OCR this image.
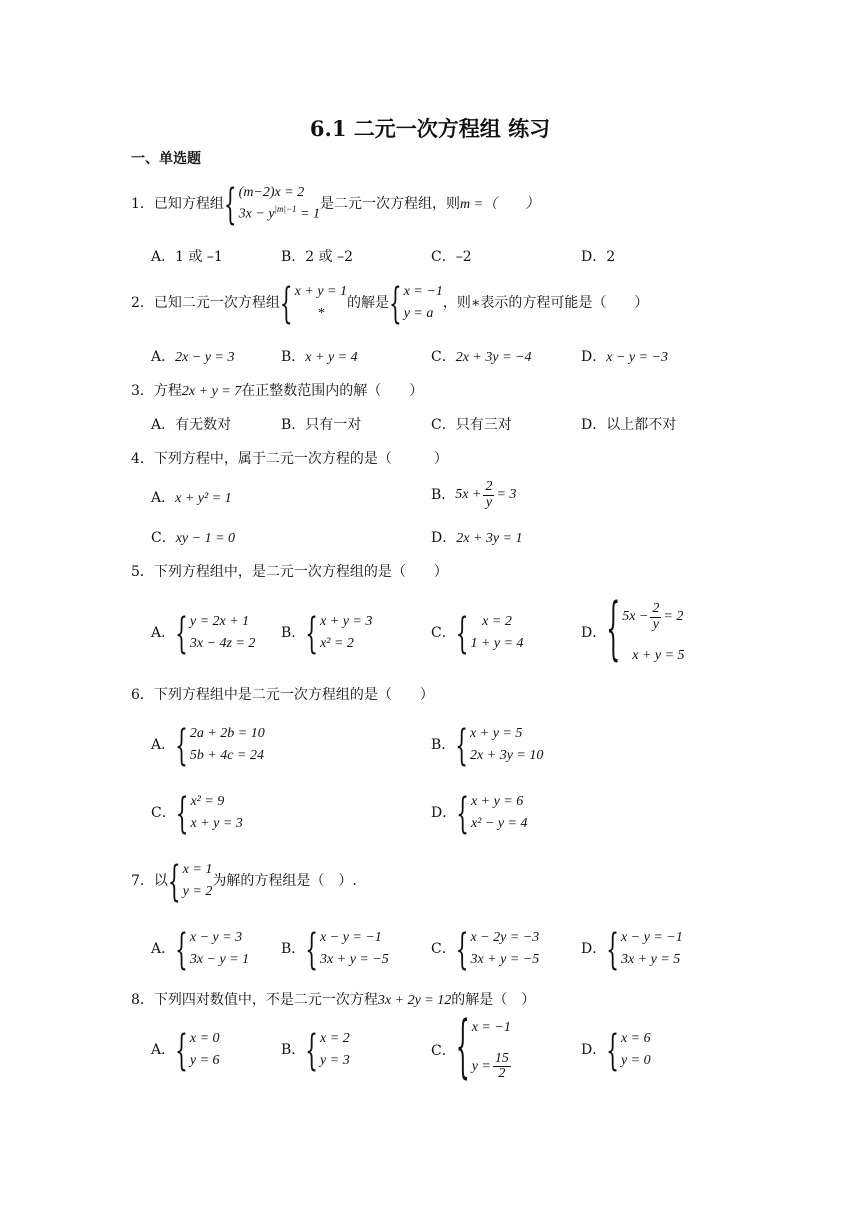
6.1 二元一次方程组 练习
一、单选题
1．已知方程组 { (m−2)x = 2
$3x - y^{|m|-1} = 1$
是二元一次方程组，则m =（　　）
A．1 或 –1	B．2 或 –2	C．–2	D．2
2．已知二元一次方程组 { x + y = 1
*
的解是 { x = −1
y = a
，则∗表示的方程可能是（　　）
A．2x − y = 3	B．x + y = 4	C．2x + 3y = −4	D．x − y = −3
3．方程2x + y = 7在正整数范围内的解（　　）
A．有无数对	B．只有一对	C．只有三对	D．以上都不对
4．下列方程中，属于二元一次方程的是（　　　）
A．x + y² = 1	B． $5x + \frac{2}{y} = 3$
C．xy − 1 = 0	D．2x + 3y = 1
5．下列方程组中，是二元一次方程组的是（　　）
A． { y = 2x + 1
3x − 4z = 2
B． { x + y = 3
x² = 2
C． { x = 2
1 + y = 4
D． { $5x - \frac{2}{y} = 2$
x + y = 5
6．下列方程组中是二元一次方程组的是（　　）
A． { 2a + 2b = 10
5b + 4c = 24
B． { x + y = 5
2x + 3y = 10
C． { x² = 9
x + y = 3
D． { x + y = 6
x² − y = 4
7． 以 { x = 1
y = 2
为解的方程组是（　）.
A． { x − y = 3
3x − y = 1
B． { x − y = −1
3x + y = −5
C． { x − 2y = −3
3x + y = −5
D． { x − y = −1
3x + y = 5
8．下列四对数值中，不是二元一次方程3x + 2y = 12的解是（　）
A． { x = 0
y = 6
B． { x = 2
y = 3
C． { x = −1
$y = \frac{15}{2}$
D． { x = 6
y = 0
